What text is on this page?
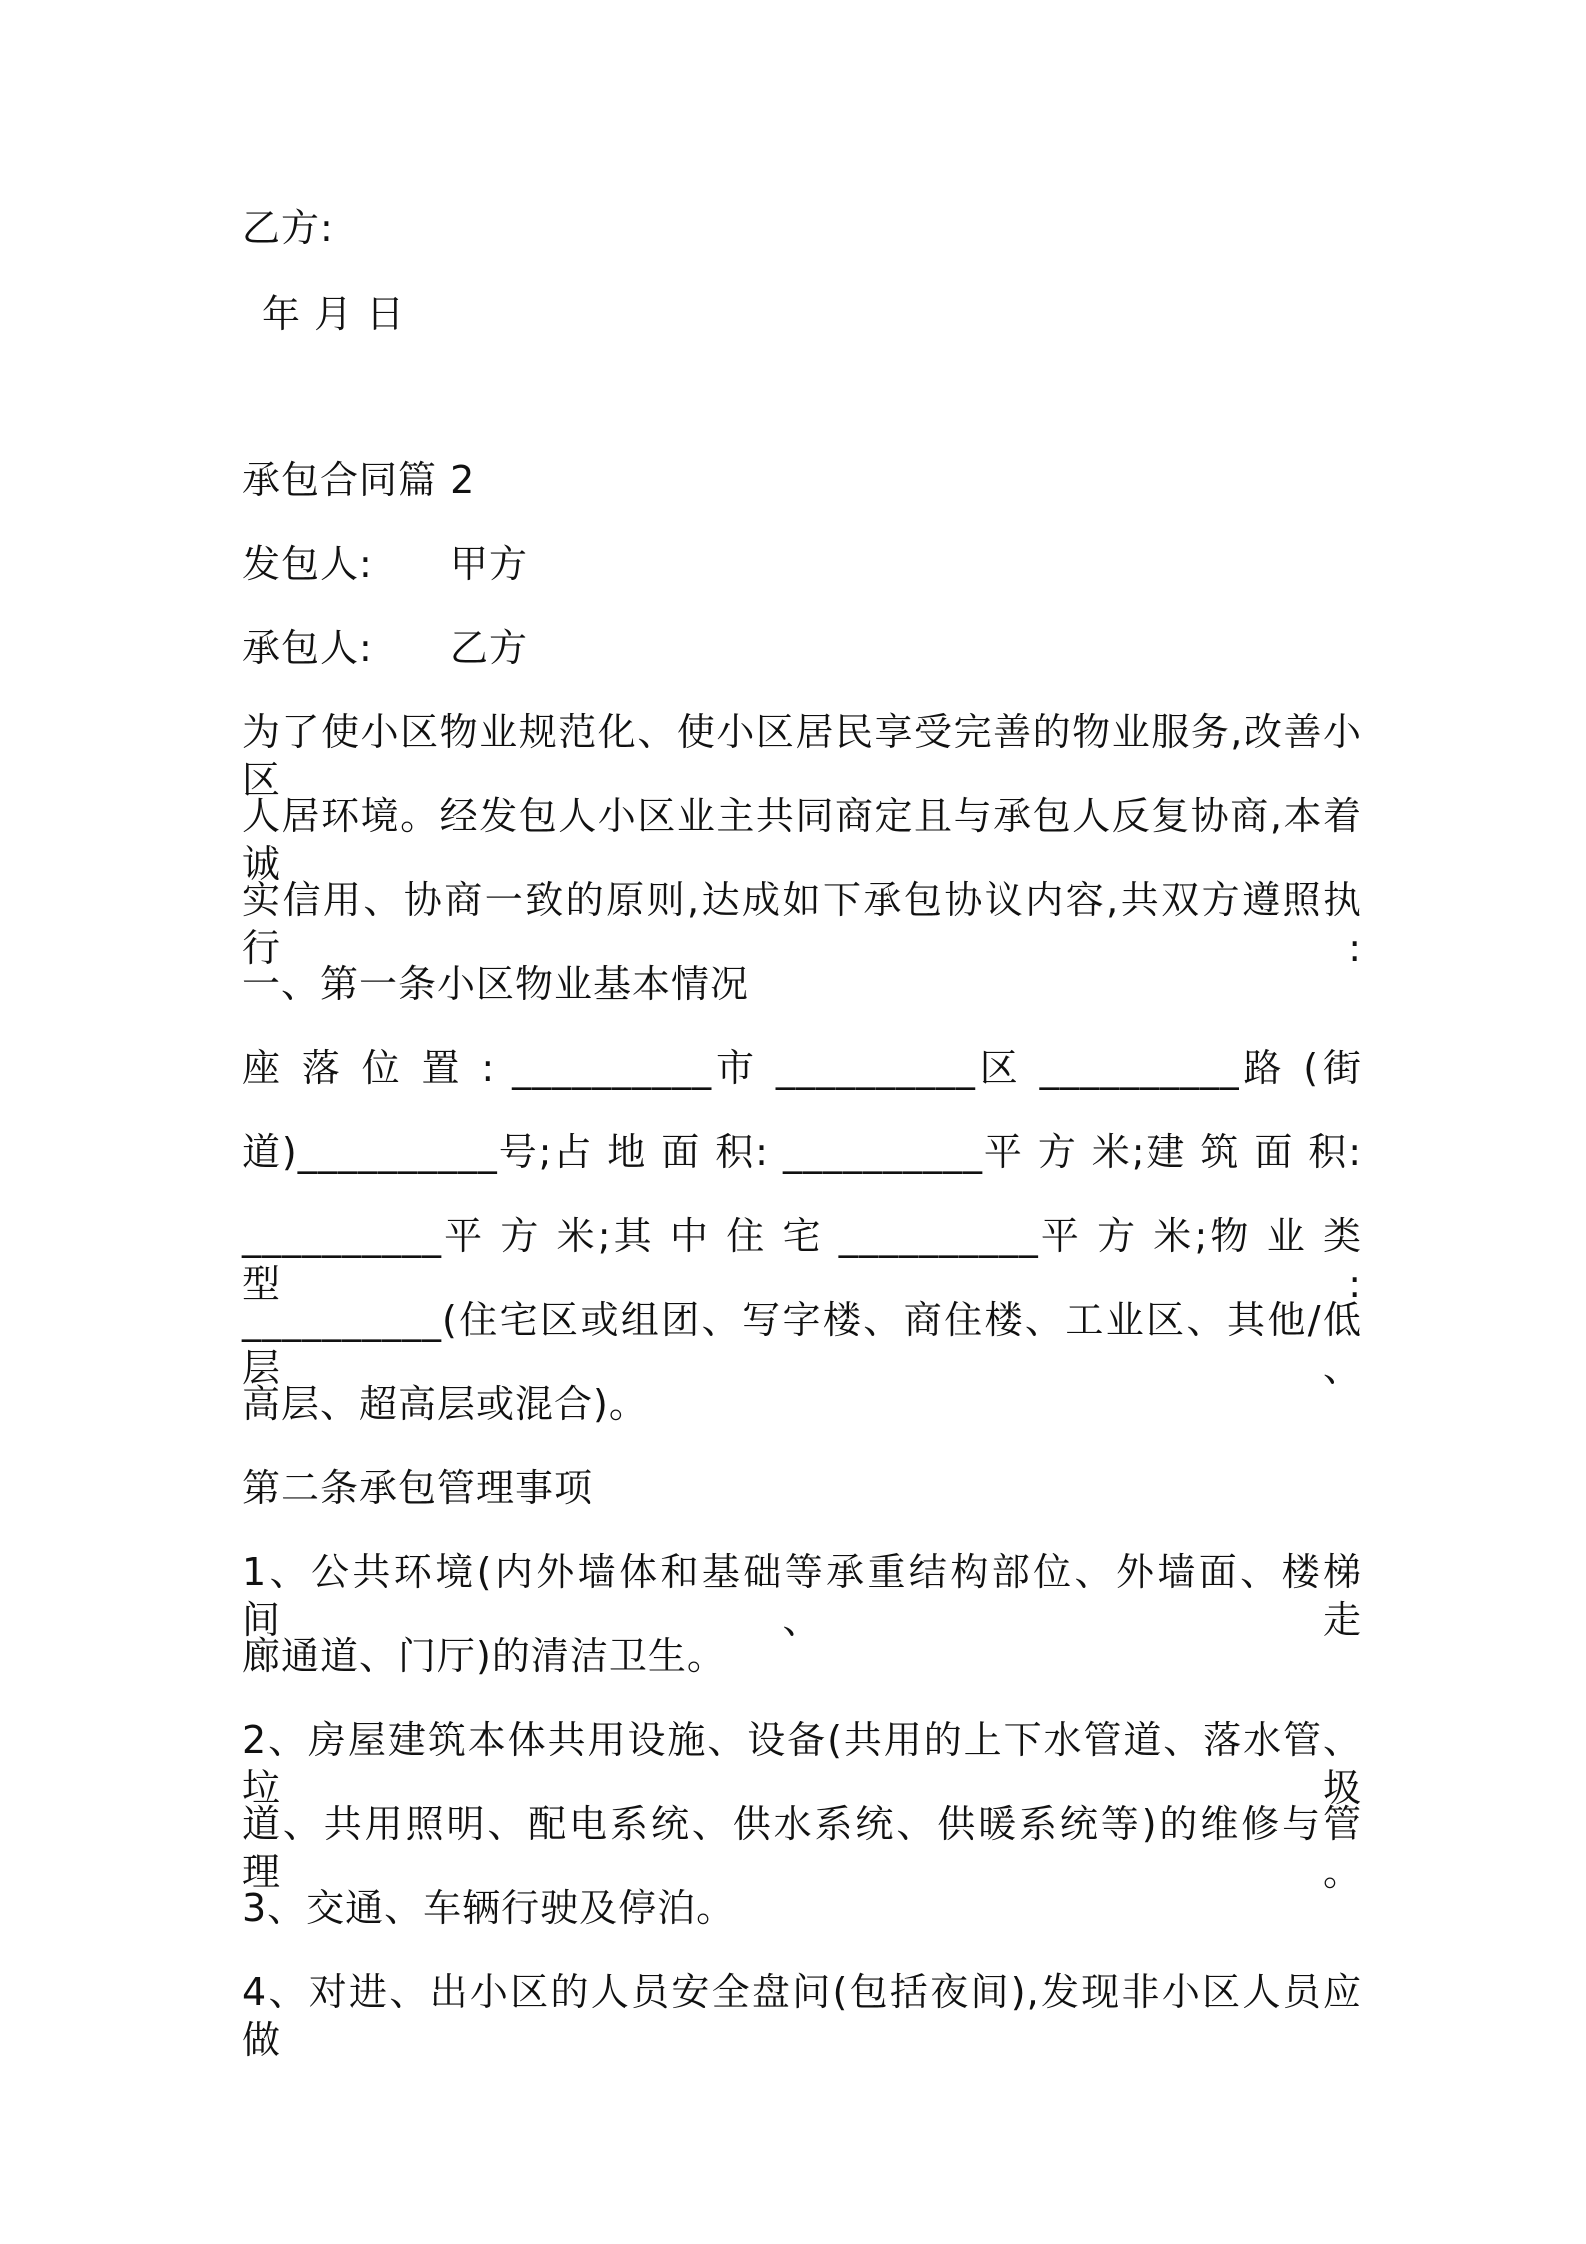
乙方:
年 月 日
承包合同篇 2
发包人: 甲方
承包人: 乙方
为了使小区物业规范化、使小区居民享受完善的物业服务,改善小区
人居环境。经发包人小区业主共同商定且与承包人反复协商,本着诚
实信用、协商一致的原则,达成如下承包协议内容,共双方遵照执行:
一、第一条小区物业基本情况
座 落 位 置 : __________市 __________区 __________路 (街
道)__________号;占 地 面 积: __________平 方 米;建 筑 面 积:
__________平 方 米;其 中 住 宅 __________平 方 米;物 业 类 型:
__________(住宅区或组团、写字楼、商住楼、工业区、其他/低层、
高层、超高层或混合)。
第二条承包管理事项
1、公共环境(内外墙体和基础等承重结构部位、外墙面、楼梯间、走
廊通道、门厅)的清洁卫生。
2、房屋建筑本体共用设施、设备(共用的上下水管道、落水管、垃圾
道、共用照明、配电系统、供水系统、供暖系统等)的维修与管理。
3、交通、车辆行驶及停泊。
4、对进、出小区的人员安全盘问(包括夜间),发现非小区人员应做
